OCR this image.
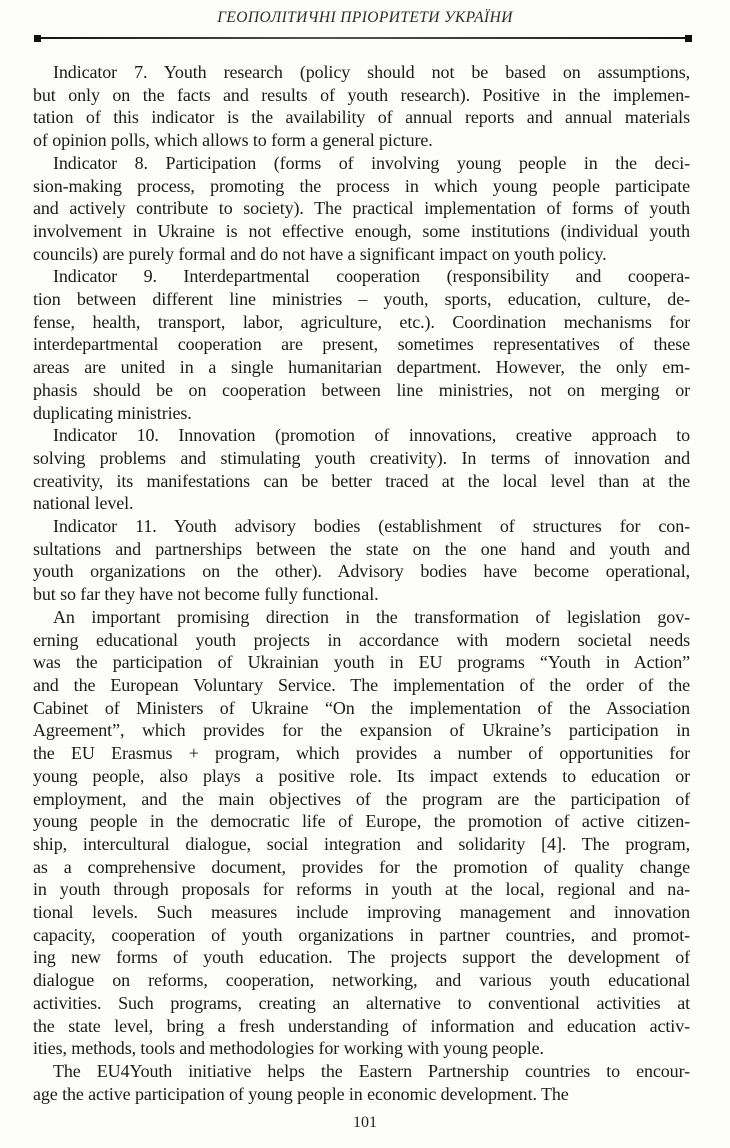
ГЕОПОЛІТИЧНІ ПРІОРИТЕТИ УКРАЇНИ

Indicator 7. Youth research (policy should not be based on assumptions,
but only on the facts and results of youth research). Positive in the implemen-
tation of this indicator is the availability of annual reports and annual materials
of opinion polls, which allows to form a general picture.

Indicator 8. Participation (forms of involving young people in the deci-
sion-making process, promoting the process in which young people participate
and actively contribute to society). The practical implementation of forms of youth
involvement in Ukraine is not effective enough, some institutions (individual youth
councils) are purely formal and do not have a significant impact on youth policy.

Indicator 9. Interdepartmental cooperation (responsibility and coopera-
tion between different line ministries – youth, sports, education, culture, de-
fense, health, transport, labor, agriculture, etc.). Coordination mechanisms for
interdepartmental cooperation are present, sometimes representatives of these
areas are united in a single humanitarian department. However, the only em-
phasis should be on cooperation between line ministries, not on merging or
duplicating ministries.

Indicator 10. Innovation (promotion of innovations, creative approach to
solving problems and stimulating youth creativity). In terms of innovation and
creativity, its manifestations can be better traced at the local level than at the
national level.

Indicator 11. Youth advisory bodies (establishment of structures for con-
sultations and partnerships between the state on the one hand and youth and
youth organizations on the other). Advisory bodies have become operational,
but so far they have not become fully functional.

An important promising direction in the transformation of legislation gov-
erning educational youth projects in accordance with modern societal needs
was the participation of Ukrainian youth in EU programs “Youth in Action”
and the European Voluntary Service. The implementation of the order of the
Cabinet of Ministers of Ukraine “On the implementation of the Association
Agreement”, which provides for the expansion of Ukraine’s participation in
the EU Erasmus + program, which provides a number of opportunities for
young people, also plays a positive role. Its impact extends to education or
employment, and the main objectives of the program are the participation of
young people in the democratic life of Europe, the promotion of active citizen-
ship, intercultural dialogue, social integration and solidarity [4]. The program,
as a comprehensive document, provides for the promotion of quality change
in youth through proposals for reforms in youth at the local, regional and na-
tional levels. Such measures include improving management and innovation
capacity, cooperation of youth organizations in partner countries, and promot-
ing new forms of youth education. The projects support the development of
dialogue on reforms, cooperation, networking, and various youth educational
activities. Such programs, creating an alternative to conventional activities at
the state level, bring a fresh understanding of information and education activ-
ities, methods, tools and methodologies for working with young people.

The EU4Youth initiative helps the Eastern Partnership countries to encour-
age the active participation of young people in economic development. The

101
